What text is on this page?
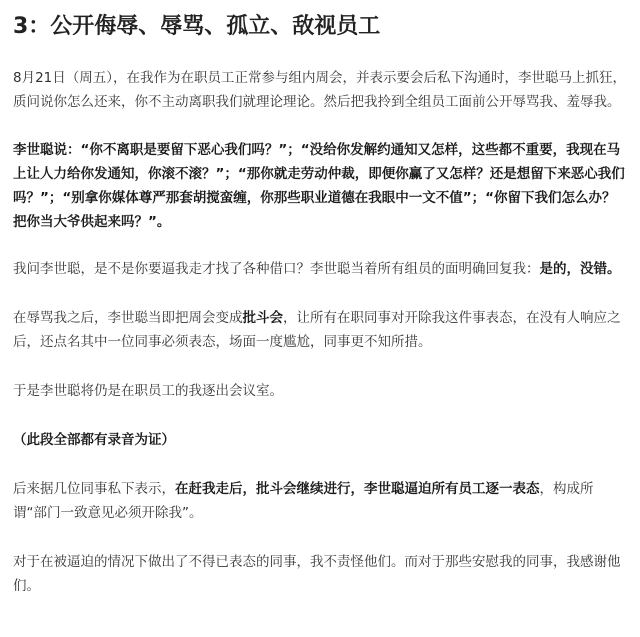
3：公开侮辱、辱骂、孤立、敌视员工

8月21日（周五），在我作为在职员工正常参与组内周会，并表示要会后私下沟通时，李世聪马上抓狂，质问说你怎么还来，你不主动离职我们就理论理论。然后把我拎到全组员工面前公开辱骂我、羞辱我。

李世聪说：“你不离职是要留下恶心我们吗？”；“没给你发解约通知又怎样，这些都不重要，我现在马上让人力给你发通知，你滚不滚？”；“那你就走劳动仲裁，即便你赢了又怎样？还是想留下来恶心我们吗？”；“别拿你媒体尊严那套胡搅蛮缠，你那些职业道德在我眼中一文不值”；“你留下我们怎么办？把你当大爷供起来吗？”。

我问李世聪，是不是你要逼我走才找了各种借口？李世聪当着所有组员的面明确回复我：是的，没错。

在辱骂我之后，李世聪当即把周会变成批斗会，让所有在职同事对开除我这件事表态，在没有人响应之后，还点名其中一位同事必须表态，场面一度尴尬，同事更不知所措。

于是李世聪将仍是在职员工的我逐出会议室。

（此段全部都有录音为证）

后来据几位同事私下表示，在赶我走后，批斗会继续进行，李世聪逼迫所有员工逐一表态，构成所谓“部门一致意见必须开除我”。

对于在被逼迫的情况下做出了不得已表态的同事，我不责怪他们。而对于那些安慰我的同事，我感谢他们。
